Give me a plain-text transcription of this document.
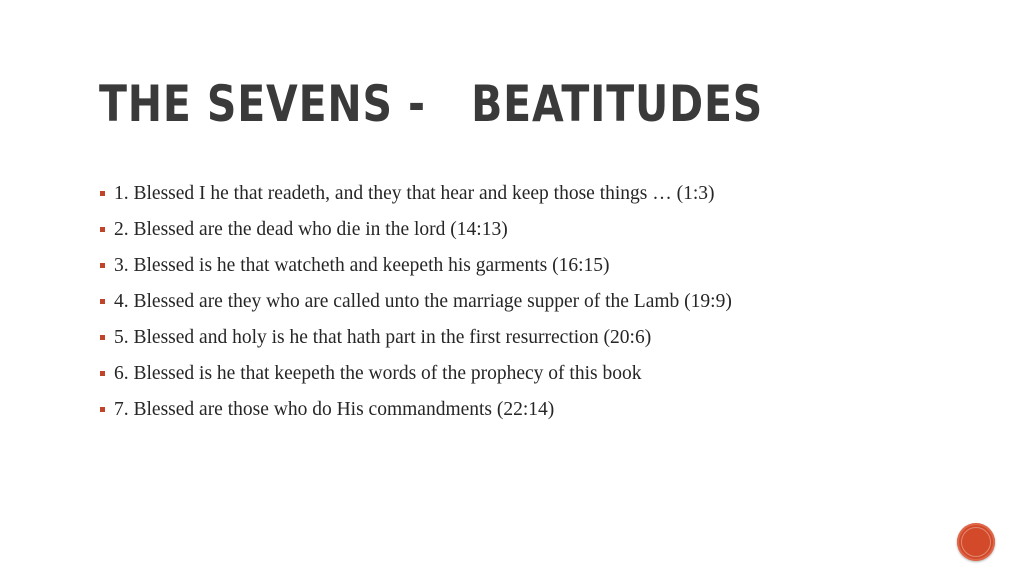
THE SEVENS -   BEATITUDES
1. Blessed I he that readeth, and they that hear and keep those things … (1:3)
2. Blessed are the dead who die in the lord (14:13)
3. Blessed is he that watcheth and keepeth his garments (16:15)
4. Blessed are they who are called unto the marriage supper of the Lamb (19:9)
5. Blessed and holy is he that hath part in the first resurrection (20:6)
6. Blessed is he that keepeth the words of the prophecy of this book
7. Blessed are those who do His commandments (22:14)
